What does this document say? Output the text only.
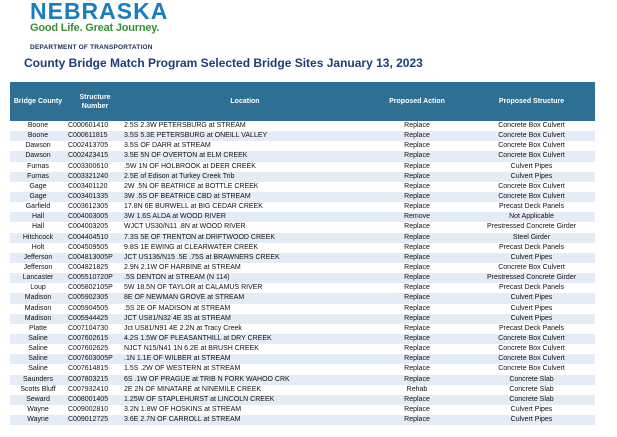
NEBRASKA
Good Life. Great Journey.
DEPARTMENT OF TRANSPORTATION
County Bridge Match Program Selected Bridge Sites January 13, 2023
Bridge County	Structure Number	Location	Proposed Action	Proposed Structure
Boone	C000601410	2.5S 2.3W PETERSBURG at STREAM	Replace	Concrete Box Culvert
Boone	C000611815	3.5S 5.3E PETERSBURG at ONEILL VALLEY	Replace	Concrete Box Culvert
Dawson	C002413705	3.5S OF DARR at STREAM	Replace	Concrete Box Culvert
Dawson	C002423415	3.5E 5N OF OVERTON at ELM CREEK	Replace	Concrete Box Culvert
Furnas	C003300610	.5W 1N OF HOLBROOK at DEER CREEK	Replace	Culvert Pipes
Furnas	C003321240	2.5E of Edison at Turkey Creek Trib	Replace	Culvert Pipes
Gage	C003401120	2W .5N OF BEATRICE at BOTTLE CREEK	Replace	Concrete Box Culvert
Gage	C003401335	3W .5S OF BEATRICE CBD at STREAM	Replace	Concrete Box Culvert
Garfield	C003612305	17.8N 6E BURWELL at BIG CEDAR CREEK	Replace	Precast Deck Panels
Hall	C004003005	3W 1.6S ALDA at WOOD RIVER	Remove	Not Applicable
Hall	C004003205	WJCT US30/N11 .8N at WOOD RIVER	Replace	Prestressed Concrete Girder
Hitchcock	C004404510	7.3S 5E OF TRENTON at DRIFTWOOD CREEK	Replace	Steel Girder
Holt	C004509505	9.8S 1E EWING at CLEARWATER CREEK	Replace	Precast Deck Panels
Jefferson	C004813005P	JCT US136/N15 .5E .75S at BRAWNERS CREEK	Replace	Culvert Pipes
Jefferson	C004821825	2.9N 2.1W OF HARBINE at STREAM	Replace	Concrete Box Culvert
Lancaster	C005510720P	.5S DENTON at STREAM (N 114)	Replace	Prestressed Concrete Girder
Loup	C005802105P	5W 18.5N OF TAYLOR at CALAMUS RIVER	Replace	Precast Deck Panels
Madison	C005902305	8E OF NEWMAN GROVE at STREAM	Replace	Culvert Pipes
Madison	C005904505	.5S 2E OF MADISON at STREAM	Replace	Culvert Pipes
Madison	C005944425	JCT US81/N32 4E 3S at STREAM	Replace	Culvert Pipes
Platte	C007104730	Jct US81/N91 4E 2.2N at Tracy Creek	Replace	Precast Deck Panels
Saline	C007602615	4.2S 1.5W OF PLEASANTHILL at DRY CREEK	Replace	Concrete Box Culvert
Saline	C007602625	NJCT N15/N41 1N 6.2E at BRUSH CREEK	Replace	Concrete Box Culvert
Saline	C007603005P	.1N 1.1E OF WILBER at STREAM	Replace	Concrete Box Culvert
Saline	C007614815	1.5S .2W OF WESTERN at STREAM	Replace	Concrete Box Culvert
Saunders	C007803215	6S .1W OF PRAGUE at TRIB N FORK WAHOO CRK	Replace	Concrete Slab
Scotts Bluff	C007932410	2E 2N OF MINATARE at NINEMILE CREEK	Rehab	Concrete Slab
Seward	C008001405	1.25W OF STAPLEHURST at LINCOLN CREEK	Replace	Concrete Slab
Wayne	C009002810	3.2N 1.8W OF HOSKINS at STREAM	Replace	Culvert Pipes
Wayne	C009012725	3.6E 2.7N OF CARROLL at STREAM	Replace	Culvert Pipes
